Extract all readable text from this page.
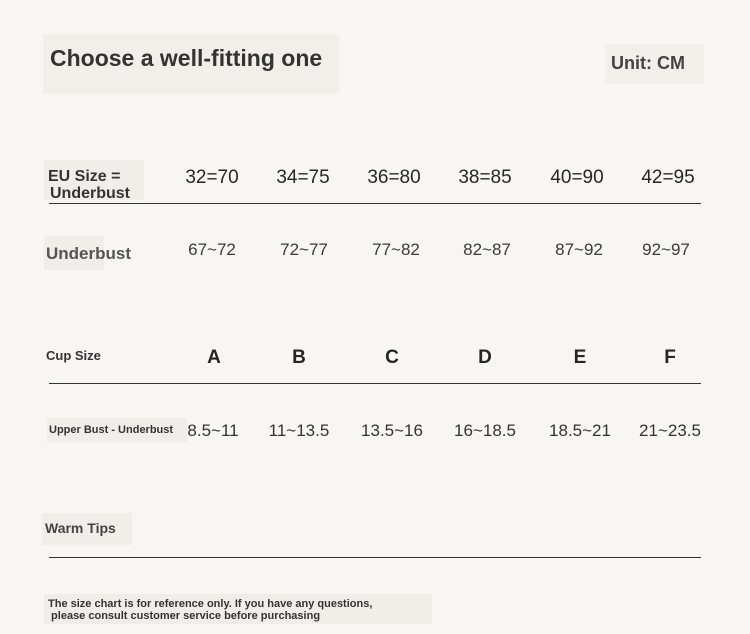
Choose a well-fitting one	Unit: CM
EU Size =
Underbust
32=70	34=75	36=80	38=85	40=90	42=95
Underbust	67~72	72~77	77~82	82~87	87~92	92~97
Cup Size	A	B	C	D	E	F
Upper Bust - Underbust 8.5~11	11~13.5	13.5~16	16~18.5	18.5~21	21~23.5
Warm Tips
The size chart is for reference only. If you have any questions,
please consult customer service before purchasing
